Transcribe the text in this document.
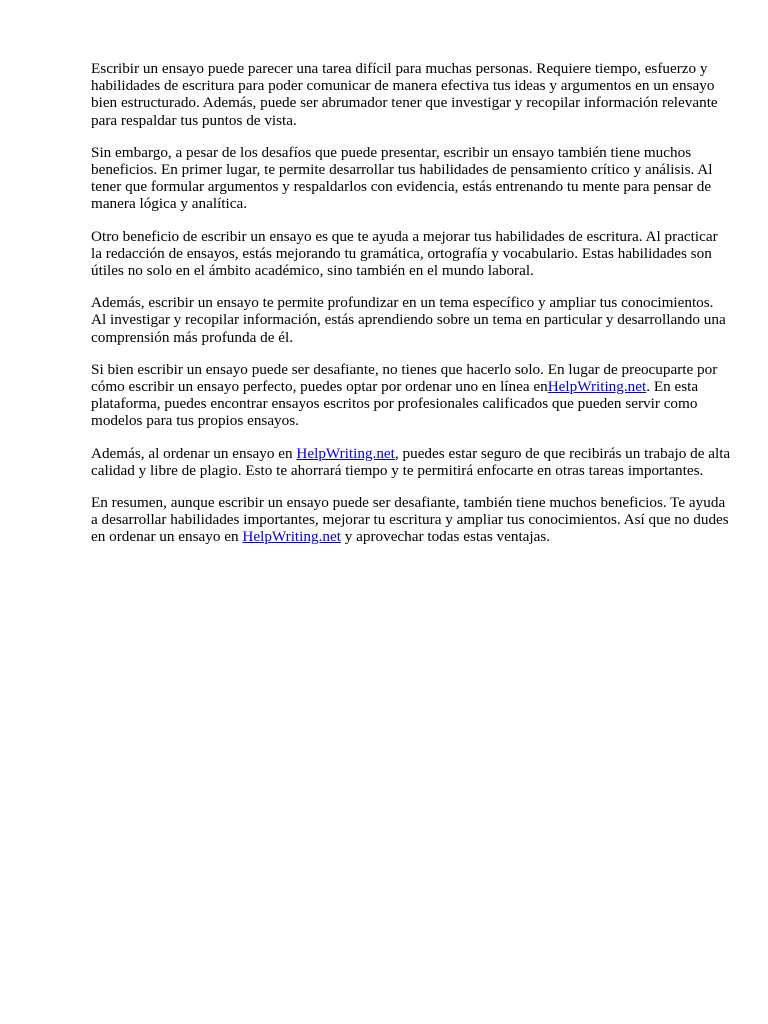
Escribir un ensayo puede parecer una tarea difícil para muchas personas. Requiere tiempo, esfuerzo y habilidades de escritura para poder comunicar de manera efectiva tus ideas y argumentos en un ensayo bien estructurado. Además, puede ser abrumador tener que investigar y recopilar información relevante para respaldar tus puntos de vista.

Sin embargo, a pesar de los desafíos que puede presentar, escribir un ensayo también tiene muchos beneficios. En primer lugar, te permite desarrollar tus habilidades de pensamiento crítico y análisis. Al tener que formular argumentos y respaldarlos con evidencia, estás entrenando tu mente para pensar de manera lógica y analítica.

Otro beneficio de escribir un ensayo es que te ayuda a mejorar tus habilidades de escritura. Al practicar la redacción de ensayos, estás mejorando tu gramática, ortografía y vocabulario. Estas habilidades son útiles no solo en el ámbito académico, sino también en el mundo laboral.

Además, escribir un ensayo te permite profundizar en un tema específico y ampliar tus conocimientos. Al investigar y recopilar información, estás aprendiendo sobre un tema en particular y desarrollando una comprensión más profunda de él.

Si bien escribir un ensayo puede ser desafiante, no tienes que hacerlo solo. En lugar de preocuparte por cómo escribir un ensayo perfecto, puedes optar por ordenar uno en línea enHelpWriting.net. En esta plataforma, puedes encontrar ensayos escritos por profesionales calificados que pueden servir como modelos para tus propios ensayos.

Además, al ordenar un ensayo en HelpWriting.net, puedes estar seguro de que recibirás un trabajo de alta calidad y libre de plagio. Esto te ahorrará tiempo y te permitirá enfocarte en otras tareas importantes.

En resumen, aunque escribir un ensayo puede ser desafiante, también tiene muchos beneficios. Te ayuda a desarrollar habilidades importantes, mejorar tu escritura y ampliar tus conocimientos. Así que no dudes en ordenar un ensayo en HelpWriting.net y aprovechar todas estas ventajas.
